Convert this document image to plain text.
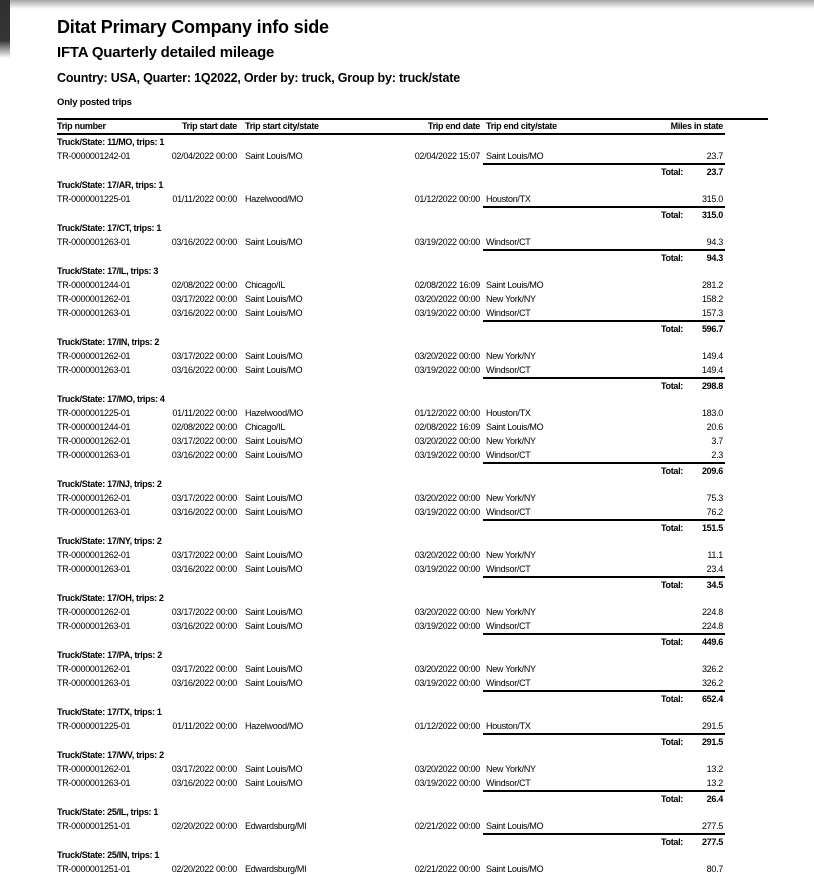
Ditat Primary Company info side
IFTA Quarterly detailed mileage
Country: USA, Quarter: 1Q2022, Order by: truck, Group by: truck/state
Only posted trips
Trip number	Trip start date Trip start city/state	Trip end date Trip end city/state	Miles in state
Truck/State: 11/MO, trips: 1
TR-0000001242-01	02/04/2022 00:00 Saint Louis/MO	02/04/2022 15:07 Saint Louis/MO	23.7
Total:	23.7
Truck/State: 17/AR, trips: 1
TR-0000001225-01	01/11/2022 00:00 Hazelwood/MO	01/12/2022 00:00 Houston/TX	315.0
Total:	315.0
Truck/State: 17/CT, trips: 1
TR-0000001263-01	03/16/2022 00:00 Saint Louis/MO	03/19/2022 00:00 Windsor/CT	94.3
Total:	94.3
Truck/State: 17/IL, trips: 3
TR-0000001244-01	02/08/2022 00:00 Chicago/IL	02/08/2022 16:09 Saint Louis/MO	281.2
TR-0000001262-01	03/17/2022 00:00 Saint Louis/MO	03/20/2022 00:00 New York/NY	158.2
TR-0000001263-01	03/16/2022 00:00 Saint Louis/MO	03/19/2022 00:00 Windsor/CT	157.3
Total:	596.7
Truck/State: 17/IN, trips: 2
TR-0000001262-01	03/17/2022 00:00 Saint Louis/MO	03/20/2022 00:00 New York/NY	149.4
TR-0000001263-01	03/16/2022 00:00 Saint Louis/MO	03/19/2022 00:00 Windsor/CT	149.4
Total:	298.8
Truck/State: 17/MO, trips: 4
TR-0000001225-01	01/11/2022 00:00 Hazelwood/MO	01/12/2022 00:00 Houston/TX	183.0
TR-0000001244-01	02/08/2022 00:00 Chicago/IL	02/08/2022 16:09 Saint Louis/MO	20.6
TR-0000001262-01	03/17/2022 00:00 Saint Louis/MO	03/20/2022 00:00 New York/NY	3.7
TR-0000001263-01	03/16/2022 00:00 Saint Louis/MO	03/19/2022 00:00 Windsor/CT	2.3
Total:	209.6
Truck/State: 17/NJ, trips: 2
TR-0000001262-01	03/17/2022 00:00 Saint Louis/MO	03/20/2022 00:00 New York/NY	75.3
TR-0000001263-01	03/16/2022 00:00 Saint Louis/MO	03/19/2022 00:00 Windsor/CT	76.2
Total:	151.5
Truck/State: 17/NY, trips: 2
TR-0000001262-01	03/17/2022 00:00 Saint Louis/MO	03/20/2022 00:00 New York/NY	11.1
TR-0000001263-01	03/16/2022 00:00 Saint Louis/MO	03/19/2022 00:00 Windsor/CT	23.4
Total:	34.5
Truck/State: 17/OH, trips: 2
TR-0000001262-01	03/17/2022 00:00 Saint Louis/MO	03/20/2022 00:00 New York/NY	224.8
TR-0000001263-01	03/16/2022 00:00 Saint Louis/MO	03/19/2022 00:00 Windsor/CT	224.8
Total:	449.6
Truck/State: 17/PA, trips: 2
TR-0000001262-01	03/17/2022 00:00 Saint Louis/MO	03/20/2022 00:00 New York/NY	326.2
TR-0000001263-01	03/16/2022 00:00 Saint Louis/MO	03/19/2022 00:00 Windsor/CT	326.2
Total:	652.4
Truck/State: 17/TX, trips: 1
TR-0000001225-01	01/11/2022 00:00 Hazelwood/MO	01/12/2022 00:00 Houston/TX	291.5
Total:	291.5
Truck/State: 17/WV, trips: 2
TR-0000001262-01	03/17/2022 00:00 Saint Louis/MO	03/20/2022 00:00 New York/NY	13.2
TR-0000001263-01	03/16/2022 00:00 Saint Louis/MO	03/19/2022 00:00 Windsor/CT	13.2
Total:	26.4
Truck/State: 25/IL, trips: 1
TR-0000001251-01	02/20/2022 00:00 Edwardsburg/MI	02/21/2022 00:00 Saint Louis/MO	277.5
Total:	277.5
Truck/State: 25/IN, trips: 1
TR-0000001251-01	02/20/2022 00:00 Edwardsburg/MI	02/21/2022 00:00 Saint Louis/MO	80.7
